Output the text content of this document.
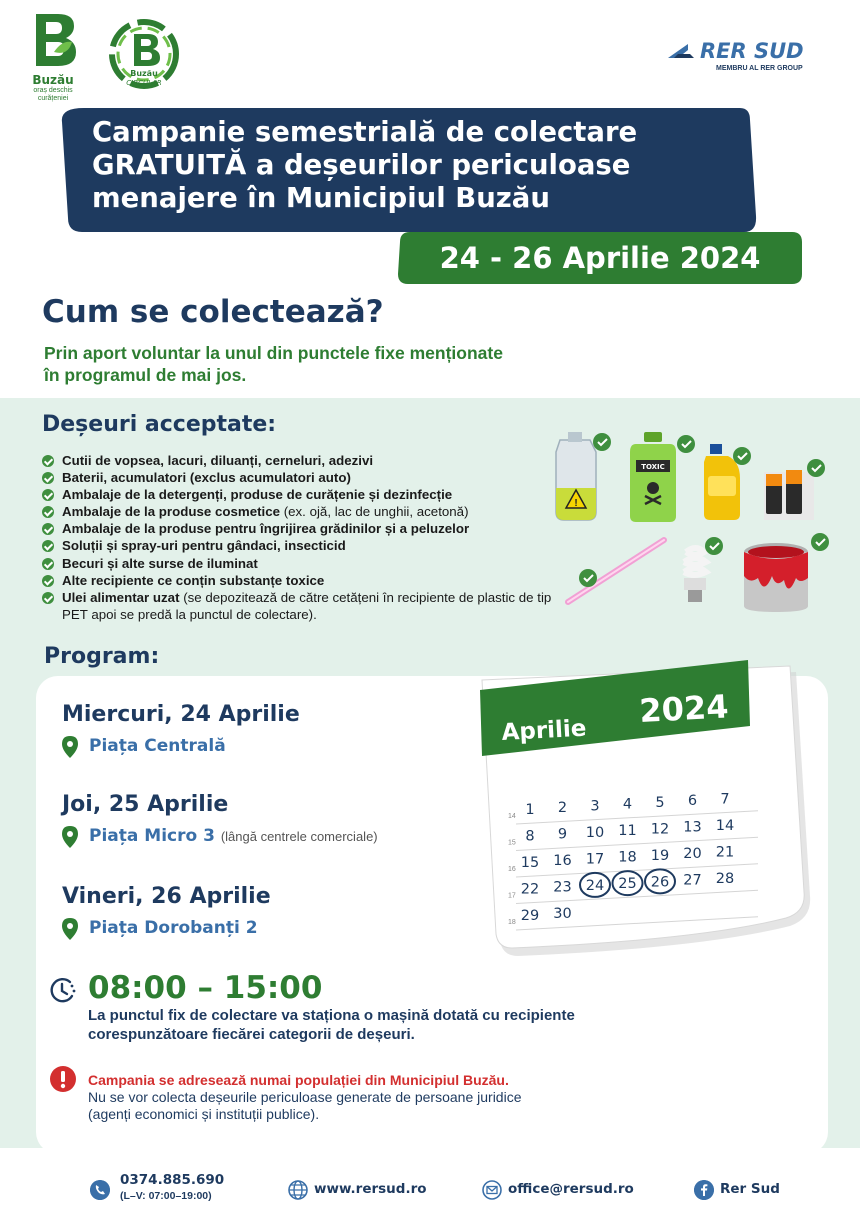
Buzău
oraș deschis
curățeniei
Buzău
CIRCULAR
RER SUD
MEMBRU AL RER GROUP
Campanie semestrială de colectare
GRATUITĂ a deșeurilor periculoase
menajere în Municipiul Buzău
24 - 26 Aprilie 2024
Cum se colectează?
Prin aport voluntar la unul din punctele fixe menționate
în programul de mai jos.
Deșeuri acceptate:
Cutii de vopsea, lacuri, diluanți, cerneluri, adezivi
Baterii, acumulatori (exclus acumulatori auto)
Ambalaje de la detergenți, produse de curățenie și dezinfecție
Ambalaje de la produse cosmetice (ex. ojă, lac de unghii, acetonă)
Ambalaje de la produse pentru îngrijirea grădinilor și a peluzelor
Soluții și spray-uri pentru gândaci, insecticid
Becuri și alte surse de iluminat
Alte recipiente ce conțin substanțe toxice
Ulei alimentar uzat (se depozitează de către cetățeni în recipiente de plastic de tip PET apoi se predă la punctul de colectare).
!
TOXIC
Program:
Miercuri, 24 Aprilie
Piața Centrală
Joi, 25 Aprilie
Piața Micro 3 (lângă centrele comerciale)
Vineri, 26 Aprilie
Piața Dorobanți 2
Aprilie
2024
14 1 2 3 4 5 6 7
15 8 9 10 11 12 13 14
16 15 16 17 18 19 20 21
17 22 23 24 25 26 27 28
18 29 30
08:00 – 15:00
La punctul fix de colectare va staționa o mașină dotată cu recipiente
corespunzătoare fiecărei categorii de deșeuri.
Campania se adresează numai populației din Municipiul Buzău.
Nu se vor colecta deșeurile periculoase generate de persoane juridice
(agenți economici și instituții publice).
0374.885.690
(L–V: 07:00–19:00)	www.rersud.ro	office@rersud.ro	Rer Sud
